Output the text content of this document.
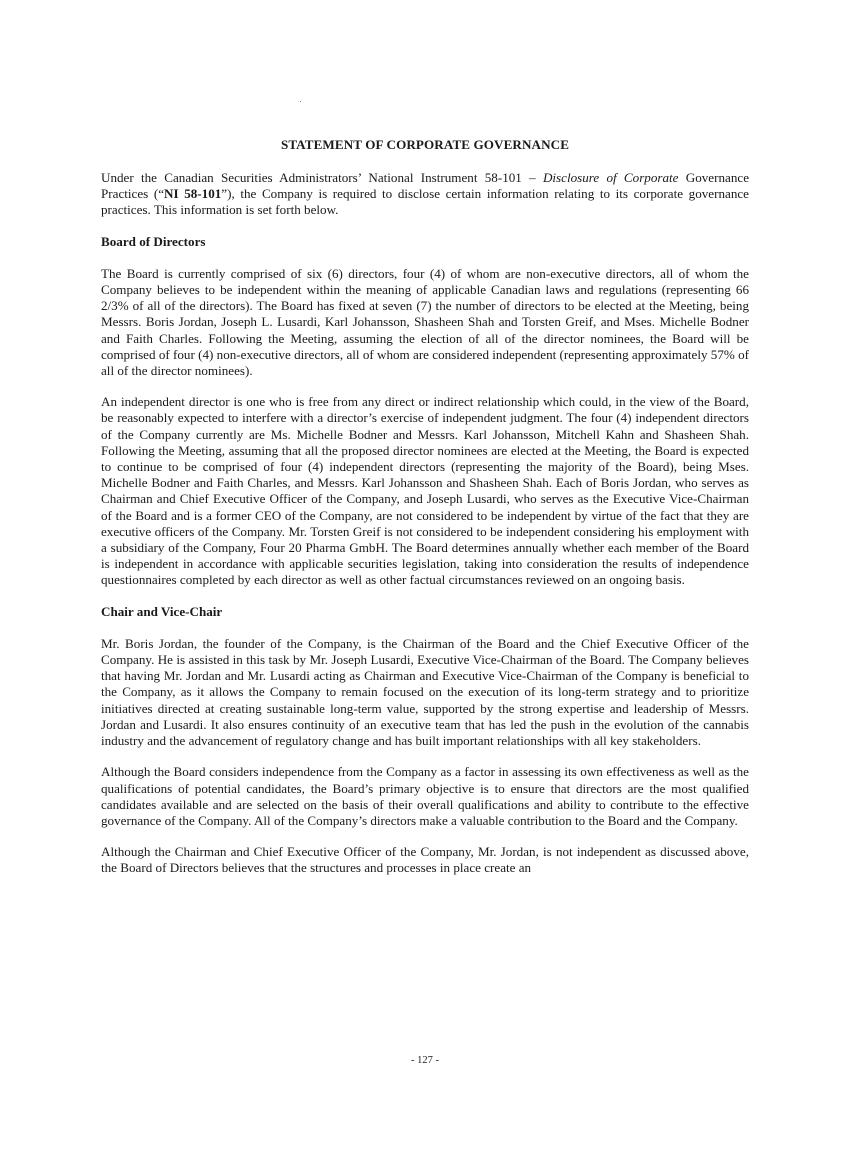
STATEMENT OF CORPORATE GOVERNANCE

Under the Canadian Securities Administrators’ National Instrument 58-101 – Disclosure of Corporate Governance Practices (“NI 58-101”), the Company is required to disclose certain information relating to its corporate governance practices. This information is set forth below.

Board of Directors

The Board is currently comprised of six (6) directors, four (4) of whom are non-executive directors, all of whom the Company believes to be independent within the meaning of applicable Canadian laws and regulations (representing 66 2/3% of all of the directors). The Board has fixed at seven (7) the number of directors to be elected at the Meeting, being Messrs. Boris Jordan, Joseph L. Lusardi, Karl Johansson, Shasheen Shah and Torsten Greif, and Mses. Michelle Bodner and Faith Charles. Following the Meeting, assuming the election of all of the director nominees, the Board will be comprised of four (4) non-executive directors, all of whom are considered independent (representing approximately 57% of all of the director nominees).

An independent director is one who is free from any direct or indirect relationship which could, in the view of the Board, be reasonably expected to interfere with a director’s exercise of independent judgment. The four (4) independent directors of the Company currently are Ms. Michelle Bodner and Messrs. Karl Johansson, Mitchell Kahn and Shasheen Shah. Following the Meeting, assuming that all the proposed director nominees are elected at the Meeting, the Board is expected to continue to be comprised of four (4) independent directors (representing the majority of the Board), being Mses. Michelle Bodner and Faith Charles, and Messrs. Karl Johansson and Shasheen Shah. Each of Boris Jordan, who serves as Chairman and Chief Executive Officer of the Company, and Joseph Lusardi, who serves as the Executive Vice-Chairman of the Board and is a former CEO of the Company, are not considered to be independent by virtue of the fact that they are executive officers of the Company. Mr. Torsten Greif is not considered to be independent considering his employment with a subsidiary of the Company, Four 20 Pharma GmbH. The Board determines annually whether each member of the Board is independent in accordance with applicable securities legislation, taking into consideration the results of independence questionnaires completed by each director as well as other factual circumstances reviewed on an ongoing basis.

Chair and Vice-Chair

Mr. Boris Jordan, the founder of the Company, is the Chairman of the Board and the Chief Executive Officer of the Company. He is assisted in this task by Mr. Joseph Lusardi, Executive Vice-Chairman of the Board. The Company believes that having Mr. Jordan and Mr. Lusardi acting as Chairman and Executive Vice-Chairman of the Company is beneficial to the Company, as it allows the Company to remain focused on the execution of its long-term strategy and to prioritize initiatives directed at creating sustainable long-term value, supported by the strong expertise and leadership of Messrs. Jordan and Lusardi. It also ensures continuity of an executive team that has led the push in the evolution of the cannabis industry and the advancement of regulatory change and has built important relationships with all key stakeholders.

Although the Board considers independence from the Company as a factor in assessing its own effectiveness as well as the qualifications of potential candidates, the Board’s primary objective is to ensure that directors are the most qualified candidates available and are selected on the basis of their overall qualifications and ability to contribute to the effective governance of the Company. All of the Company’s directors make a valuable contribution to the Board and the Company.

Although the Chairman and Chief Executive Officer of the Company, Mr. Jordan, is not independent as discussed above, the Board of Directors believes that the structures and processes in place create an

- 127 -
